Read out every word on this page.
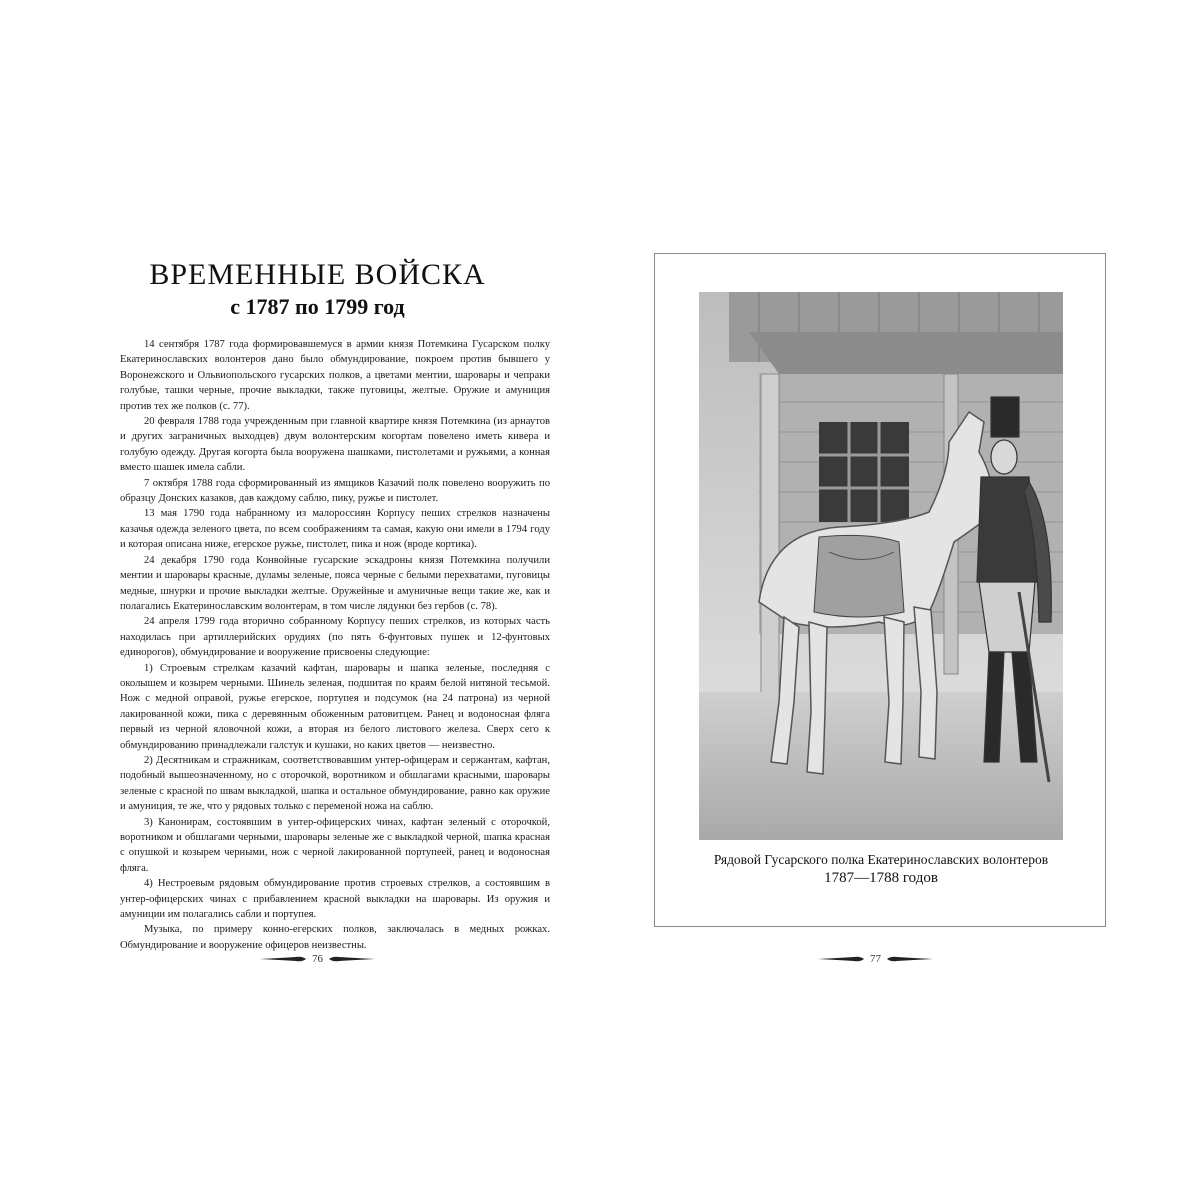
ВРЕМЕННЫЕ ВОЙСКА
с 1787 по 1799 год

14 сентября 1787 года формировавшемуся в армии князя Потемкина Гусарском полку Екатеринославских волонтеров дано было обмундирование, покроем против бывшего у Воронежского и Ольвиопольского гусарских полков, а цветами ментии, шаровары и чепраки голубые, ташки черные, прочие выкладки, также пуговицы, желтые. Оружие и амуниция против тех же полков (с. 77).

20 февраля 1788 года учрежденным при главной квартире князя Потемкина (из арнаутов и других заграничных выходцев) двум волонтерским когортам повелено иметь кивера и голубую одежду. Другая когорта была вооружена шашками, пистолетами и ружьями, а конная вместо шашек имела сабли.

7 октября 1788 года сформированный из ямщиков Казачий полк повелено вооружить по образцу Донских казаков, дав каждому саблю, пику, ружье и пистолет.

13 мая 1790 года набранному из малороссиян Корпусу пеших стрелков назначены казачья одежда зеленого цвета, по всем соображениям та самая, какую они имели в 1794 году и которая описана ниже, егерское ружье, пистолет, пика и нож (вроде кортика).

24 декабря 1790 года Конвойные гусарские эскадроны князя Потемкина получили ментии и шаровары красные, дуламы зеленые, пояса черные с белыми перехватами, пуговицы медные, шнурки и прочие выкладки желтые. Оружейные и амуничные вещи такие же, как и полагались Екатеринославским волонтерам, в том числе лядунки без гербов (с. 78).

24 апреля 1799 года вторично собранному Корпусу пеших стрелков, из которых часть находилась при артиллерийских орудиях (по пять 6-фунтовых пушек и 12-фунтовых единорогов), обмундирование и вооружение присвоены следующие:

1) Строевым стрелкам казачий кафтан, шаровары и шапка зеленые, последняя с околышем и козырем черными. Шинель зеленая, подшитая по краям белой нитяной тесьмой. Нож с медной оправой, ружье егерское, портупея и подсумок (на 24 патрона) из черной лакированной кожи, пика с деревянным обоженным ратовитцем. Ранец и водоносная фляга первый из черной яловочной кожи, а вторая из белого листового железа. Сверх сего к обмундированию принадлежали галстук и кушаки, но каких цветов — неизвестно.

2) Десятникам и стражникам, соответствовавшим унтер-офицерам и сержантам, кафтан, подобный вышеозначенному, но с оторочкой, воротником и обшлагами красными, шаровары зеленые с красной по швам выкладкой, шапка и остальное обмундирование, равно как оружие и амуниция, те же, что у рядовых только с переменой ножа на саблю.

3) Канонирам, состоявшим в унтер-офицерских чинах, кафтан зеленый с оторочкой, воротником и обшлагами черными, шаровары зеленые же с выкладкой черной, шапка красная с опушкой и козырем черными, нож с черной лакированной портупеей, ранец и водоносная фляга.

4) Нестроевым рядовым обмундирование против строевых стрелков, а состоявшим в унтер-офицерских чинах с прибавлением красной выкладки на шаровары. Из оружия и амуниции им полагались сабли и портупея.

Музыка, по примеру конно-егерских полков, заключалась в медных рожках. Обмундирование и вооружение офицеров неизвестны.

76
Рядовой Гусарского полка Екатеринославских волонтеров
1787—1788 годов
77
